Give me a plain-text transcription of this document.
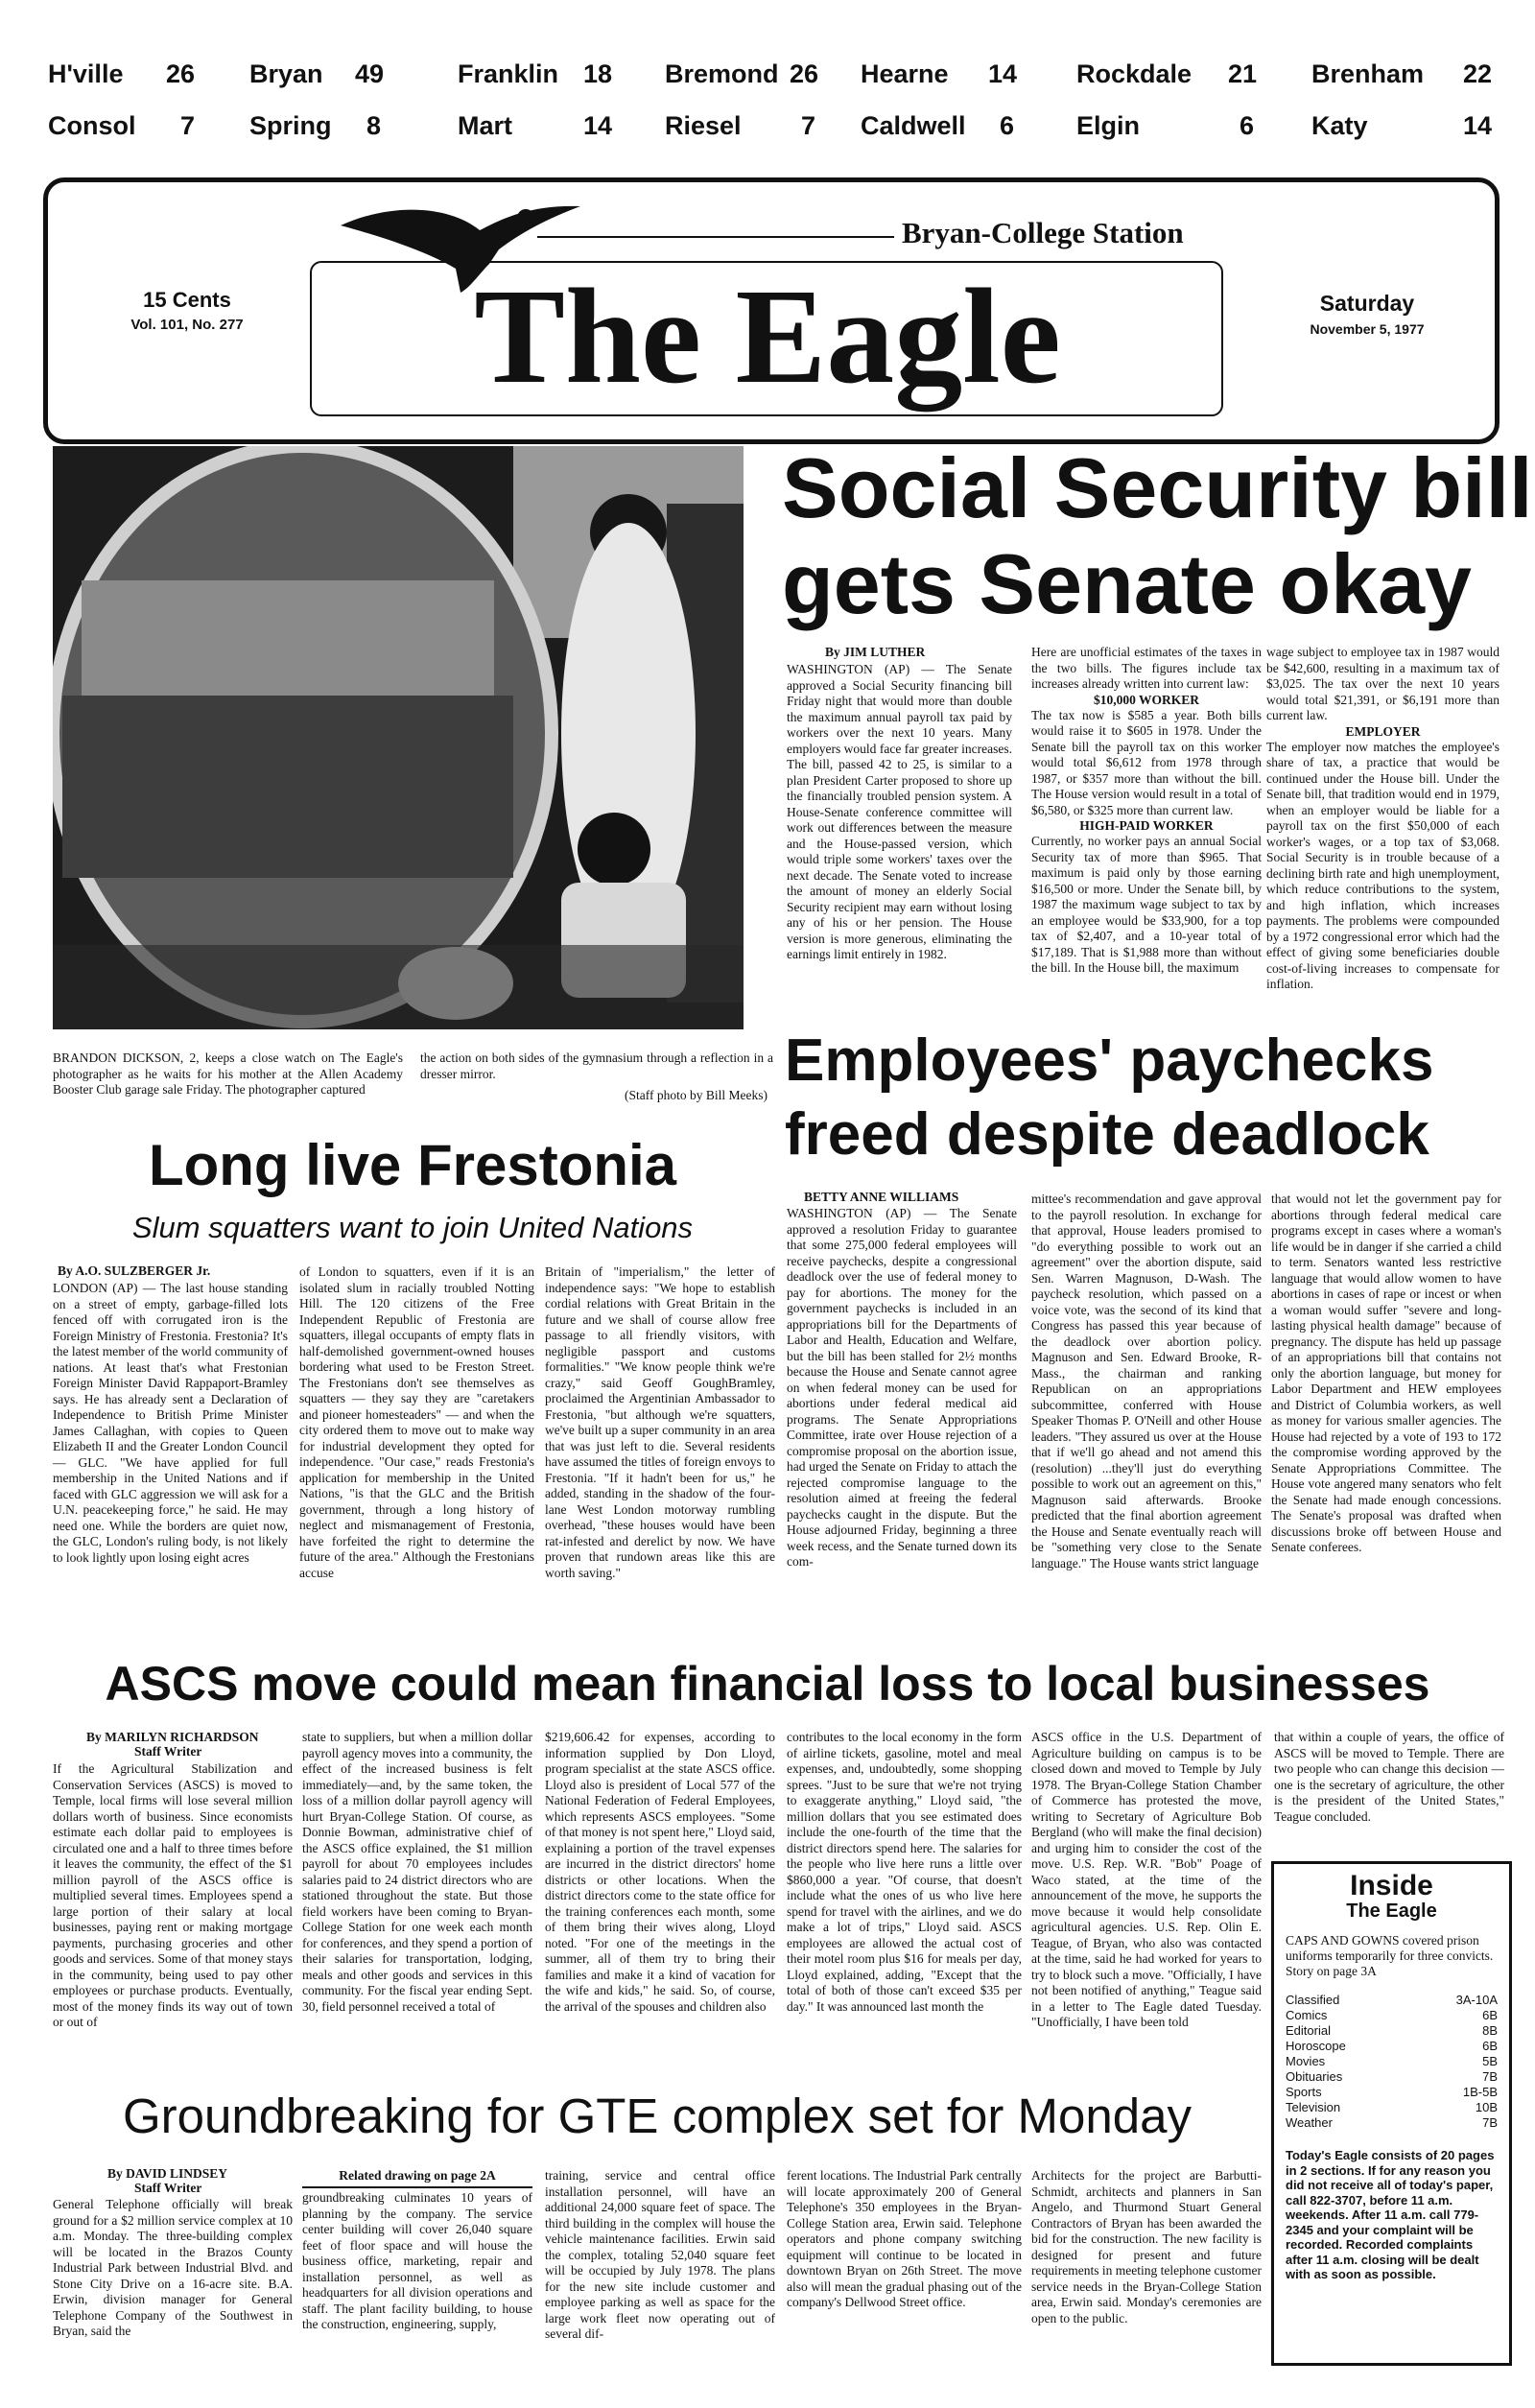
H'ville 26 Bryan 49	Franklin 18 Bremond 26 Hearne 14 Rockdale 21 Brenham 22
Consol 7 Spring 8	Mart	14 Riesel 7 Caldwell 6 Elgin	6 Katy	14
Bryan-College Station
The Eagle
15 Cents
Vol. 101, No. 277
Saturday
November 5, 1977
BRANDON DICKSON, 2, keeps a close watch on The Eagle's photographer as he waits for his mother at the Allen Academy Booster Club garage sale Friday. The photographer captured
the action on both sides of the gymnasium through a reflection in a dresser mirror.
(Staff photo by Bill Meeks)
Social Security bill
gets Senate okay
By JIM LUTHER
WASHINGTON (AP) — The Senate approved a Social Security financing bill Friday night that would more than double the maximum annual payroll tax paid by workers over the next 10 years. Many employers would face far greater increases. The bill, passed 42 to 25, is similar to a plan President Carter proposed to shore up the financially troubled pension system. A House-Senate conference committee will work out differences between the measure and the House-passed version, which would triple some workers' taxes over the next decade. The Senate voted to increase the amount of money an elderly Social Security recipient may earn without losing any of his or her pension. The House version is more generous, eliminating the earnings limit entirely in 1982.
Here are unofficial estimates of the taxes in the two bills. The figures include tax increases already written into current law:
$10,000 WORKER
The tax now is $585 a year. Both bills would raise it to $605 in 1978. Under the Senate bill the payroll tax on this worker would total $6,612 from 1978 through 1987, or $357 more than without the bill. The House version would result in a total of $6,580, or $325 more than current law.
HIGH-PAID WORKER
Currently, no worker pays an annual Social Security tax of more than $965. That maximum is paid only by those earning $16,500 or more. Under the Senate bill, by 1987 the maximum wage subject to tax by an employee would be $33,900, for a top tax of $2,407, and a 10-year total of $17,189. That is $1,988 more than without the bill. In the House bill, the maximum
wage subject to employee tax in 1987 would be $42,600, resulting in a maximum tax of $3,025. The tax over the next 10 years would total $21,391, or $6,191 more than current law.
EMPLOYER
The employer now matches the employee's share of tax, a practice that would be continued under the House bill. Under the Senate bill, that tradition would end in 1979, when an employer would be liable for a payroll tax on the first $50,000 of each worker's wages, or a top tax of $3,068. Social Security is in trouble because of a declining birth rate and high unemployment, which reduce contributions to the system, and high inflation, which increases payments. The problems were compounded by a 1972 congressional error which had the effect of giving some beneficiaries double cost-of-living increases to compensate for inflation.
Employees' paychecks
freed despite deadlock
BETTY ANNE WILLIAMS
WASHINGTON (AP) — The Senate approved a resolution Friday to guarantee that some 275,000 federal employees will receive paychecks, despite a congressional deadlock over the use of federal money to pay for abortions. The money for the government paychecks is included in an appropriations bill for the Departments of Labor and Health, Education and Welfare, but the bill has been stalled for 2½ months because the House and Senate cannot agree on when federal money can be used for abortions under federal medical aid programs. The Senate Appropriations Committee, irate over House rejection of a compromise proposal on the abortion issue, had urged the Senate on Friday to attach the rejected compromise language to the resolution aimed at freeing the federal paychecks caught in the dispute. But the House adjourned Friday, beginning a three week recess, and the Senate turned down its com-
mittee's recommendation and gave approval to the payroll resolution. In exchange for that approval, House leaders promised to "do everything possible to work out an agreement" over the abortion dispute, said Sen. Warren Magnuson, D-Wash. The paycheck resolution, which passed on a voice vote, was the second of its kind that Congress has passed this year because of the deadlock over abortion policy. Magnuson and Sen. Edward Brooke, R-Mass., the chairman and ranking Republican on an appropriations subcommittee, conferred with House Speaker Thomas P. O'Neill and other House leaders. "They assured us over at the House that if we'll go ahead and not amend this (resolution) ...they'll just do everything possible to work out an agreement on this," Magnuson said afterwards. Brooke predicted that the final abortion agreement the House and Senate eventually reach will be "something very close to the Senate language." The House wants strict language
that would not let the government pay for abortions through federal medical care programs except in cases where a woman's life would be in danger if she carried a child to term. Senators wanted less restrictive language that would allow women to have abortions in cases of rape or incest or when a woman would suffer "severe and long-lasting physical health damage" because of pregnancy. The dispute has held up passage of an appropriations bill that contains not only the abortion language, but money for Labor Department and HEW employees and District of Columbia workers, as well as money for various smaller agencies. The House had rejected by a vote of 193 to 172 the compromise wording approved by the Senate Appropriations Committee. The House vote angered many senators who felt the Senate had made enough concessions. The Senate's proposal was drafted when discussions broke off between House and Senate conferees.
Long live Frestonia
Slum squatters want to join United Nations
By A.O. SULZBERGER Jr.
LONDON (AP) — The last house standing on a street of empty, garbage-filled lots fenced off with corrugated iron is the Foreign Ministry of Frestonia. Frestonia? It's the latest member of the world community of nations. At least that's what Frestonian Foreign Minister David Rappaport-Bramley says. He has already sent a Declaration of Independence to British Prime Minister James Callaghan, with copies to Queen Elizabeth II and the Greater London Council — GLC. "We have applied for full membership in the United Nations and if faced with GLC aggression we will ask for a U.N. peacekeeping force," he said. He may need one. While the borders are quiet now, the GLC, London's ruling body, is not likely to look lightly upon losing eight acres
of London to squatters, even if it is an isolated slum in racially troubled Notting Hill. The 120 citizens of the Free Independent Republic of Frestonia are squatters, illegal occupants of empty flats in half-demolished government-owned houses bordering what used to be Freston Street. The Frestonians don't see themselves as squatters — they say they are "caretakers and pioneer homesteaders" — and when the city ordered them to move out to make way for industrial development they opted for independence. "Our case," reads Frestonia's application for membership in the United Nations, "is that the GLC and the British government, through a long history of neglect and mismanagement of Frestonia, have forfeited the right to determine the future of the area." Although the Frestonians accuse
Britain of "imperialism," the letter of independence says: "We hope to establish cordial relations with Great Britain in the future and we shall of course allow free passage to all friendly visitors, with negligible passport and customs formalities." "We know people think we're crazy," said Geoff GoughBramley, proclaimed the Argentinian Ambassador to Frestonia, "but although we're squatters, we've built up a super community in an area that was just left to die. Several residents have assumed the titles of foreign envoys to Frestonia. "If it hadn't been for us," he added, standing in the shadow of the four-lane West London motorway rumbling overhead, "these houses would have been rat-infested and derelict by now. We have proven that rundown areas like this are worth saving."
ASCS move could mean financial loss to local businesses
By MARILYN RICHARDSON
Staff Writer
If the Agricultural Stabilization and Conservation Services (ASCS) is moved to Temple, local firms will lose several million dollars worth of business. Since economists estimate each dollar paid to employees is circulated one and a half to three times before it leaves the community, the effect of the $1 million payroll of the ASCS office is multiplied several times. Employees spend a large portion of their salary at local businesses, paying rent or making mortgage payments, purchasing groceries and other goods and services. Some of that money stays in the community, being used to pay other employees or purchase products. Eventually, most of the money finds its way out of town or out of
state to suppliers, but when a million dollar payroll agency moves into a community, the effect of the increased business is felt immediately—and, by the same token, the loss of a million dollar payroll agency will hurt Bryan-College Station. Of course, as Donnie Bowman, administrative chief of the ASCS office explained, the $1 million payroll for about 70 employees includes salaries paid to 24 district directors who are stationed throughout the state. But those field workers have been coming to Bryan-College Station for one week each month for conferences, and they spend a portion of their salaries for transportation, lodging, meals and other goods and services in this community. For the fiscal year ending Sept. 30, field personnel received a total of
$219,606.42 for expenses, according to information supplied by Don Lloyd, program specialist at the state ASCS office. Lloyd also is president of Local 577 of the National Federation of Federal Employees, which represents ASCS employees. "Some of that money is not spent here," Lloyd said, explaining a portion of the travel expenses are incurred in the district directors' home districts or other locations. When the district directors come to the state office for the training conferences each month, some of them bring their wives along, Lloyd noted. "For one of the meetings in the summer, all of them try to bring their families and make it a kind of vacation for the wife and kids," he said. So, of course, the arrival of the spouses and children also
contributes to the local economy in the form of airline tickets, gasoline, motel and meal expenses, and, undoubtedly, some shopping sprees. "Just to be sure that we're not trying to exaggerate anything," Lloyd said, "the million dollars that you see estimated does include the one-fourth of the time that the district directors spend here. The salaries for the people who live here runs a little over $860,000 a year. "Of course, that doesn't include what the ones of us who live here spend for travel with the airlines, and we do make a lot of trips," Lloyd said. ASCS employees are allowed the actual cost of their motel room plus $16 for meals per day, Lloyd explained, adding, "Except that the total of both of those can't exceed $35 per day." It was announced last month the
ASCS office in the U.S. Department of Agriculture building on campus is to be closed down and moved to Temple by July 1978. The Bryan-College Station Chamber of Commerce has protested the move, writing to Secretary of Agriculture Bob Bergland (who will make the final decision) and urging him to consider the cost of the move. U.S. Rep. W.R. "Bob" Poage of Waco stated, at the time of the announcement of the move, he supports the move because it would help consolidate agricultural agencies. U.S. Rep. Olin E. Teague, of Bryan, who also was contacted at the time, said he had worked for years to try to block such a move. "Officially, I have not been notified of anything," Teague said in a letter to The Eagle dated Tuesday. "Unofficially, I have been told
that within a couple of years, the office of ASCS will be moved to Temple. There are two people who can change this decision — one is the secretary of agriculture, the other is the president of the United States," Teague concluded.
Groundbreaking for GTE complex set for Monday
By DAVID LINDSEY
Staff Writer
General Telephone officially will break ground for a $2 million service complex at 10 a.m. Monday. The three-building complex will be located in the Brazos County Industrial Park between Industrial Blvd. and Stone City Drive on a 16-acre site. B.A. Erwin, division manager for General Telephone Company of the Southwest in Bryan, said the
Related drawing on page 2A
groundbreaking culminates 10 years of planning by the company. The service center building will cover 26,040 square feet of floor space and will house the business office, marketing, repair and installation personnel, as well as headquarters for all division operations and staff. The plant facility building, to house the construction, engineering, supply,
training, service and central office installation personnel, will have an additional 24,000 square feet of space. The third building in the complex will house the vehicle maintenance facilities. Erwin said the complex, totaling 52,040 square feet will be occupied by July 1978. The plans for the new site include customer and employee parking as well as space for the large work fleet now operating out of several dif-
ferent locations. The Industrial Park centrally will locate approximately 200 of General Telephone's 350 employees in the Bryan-College Station area, Erwin said. Telephone operators and phone company switching equipment will continue to be located in downtown Bryan on 26th Street. The move also will mean the gradual phasing out of the company's Dellwood Street office.
Architects for the project are Barbutti-Schmidt, architects and planners in San Angelo, and Thurmond Stuart General Contractors of Bryan has been awarded the bid for the construction. The new facility is designed for present and future requirements in meeting telephone customer service needs in the Bryan-College Station area, Erwin said. Monday's ceremonies are open to the public.
Inside
The Eagle
CAPS AND GOWNS covered prison uniforms temporarily for three convicts. Story on page 3A
Classified	3A-10A
Comics	6B
Editorial	8B
Horoscope	6B
Movies	5B
Obituaries	7B
Sports	1B-5B
Television	10B
Weather	7B
Today's Eagle consists of 20 pages in 2 sections. If for any reason you did not receive all of today's paper, call 822-3707, before 11 a.m. weekends. After 11 a.m. call 779-2345 and your complaint will be recorded. Recorded complaints after 11 a.m. closing will be dealt with as soon as possible.
